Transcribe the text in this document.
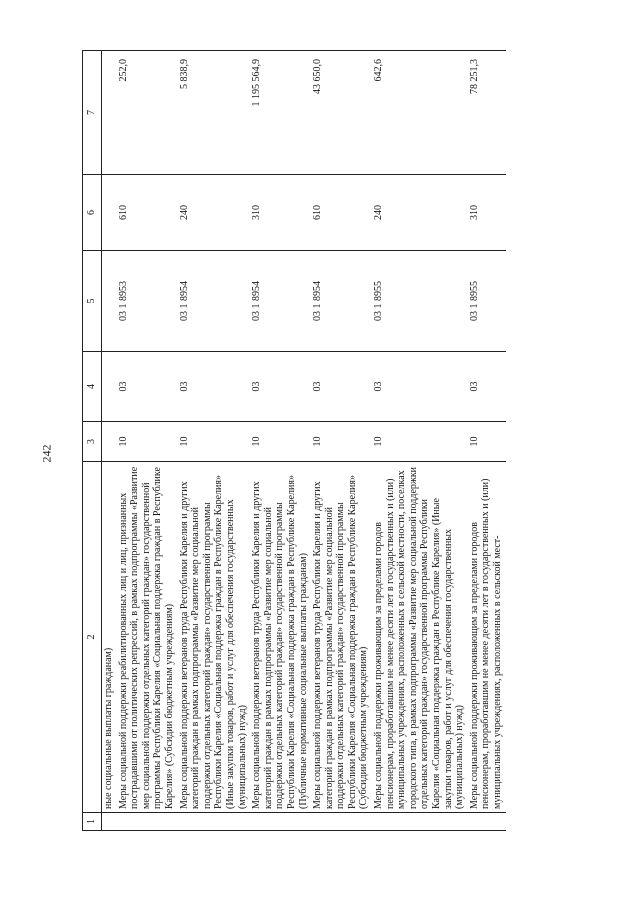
242
1	2	3	4	5	6	7
	ные социальные выплаты гражданам)					
	Меры социальной поддержки реабилитированных лиц и лиц, признанных пострадавшими от политических репрессий, в рамках подпрограммы «Развитие мер социальной поддержки отдельных категорий граждан» государственной программы Республики Карелия «Социальная поддержка граждан в Республике Карелия» (Субсидии бюджетным учреждениям)	10	03	03 1 8953	610	252,0
	Меры социальной поддержки ветеранов труда Республики Карелия и других категорий граждан в рамках подпрограммы «Развитие мер социальной поддержки отдельных категорий граждан» государственной программы Республики Карелия «Социальная поддержка граждан в Республике Карелия» (Иные закупки товаров, работ и услуг для обеспечения государственных (муниципальных) нужд)	10	03	03 1 8954	240	5 838,9
	Меры социальной поддержки ветеранов труда Республики Карелия и других категорий граждан в рамках подпрограммы «Развитие мер социальной поддержки отдельных категорий граждан» государственной программы Республики Карелия «Социальная поддержка граждан в Республике Карелия» (Публичные нормативные социальные выплаты гражданам)	10	03	03 1 8954	310	1 195 564,9
	Меры социальной поддержки ветеранов труда Республики Карелия и других категорий граждан в рамках подпрограммы «Развитие мер социальной поддержки отдельных категорий граждан» государственной программы Республики Карелия «Социальная поддержка граждан в Республике Карелия» (Субсидии бюджетным учреждениям)	10	03	03 1 8954	610	43 650,0
	Меры социальной поддержки проживающим за пределами городов пенсионерам, проработавшим не менее десяти лет в государственных и (или) муниципальных учреждениях, расположенных в сельской местности, поселках городского типа, в рамках подпрограммы «Развитие мер социальной поддержки отдельных категорий граждан» государственной программы Республики Карелия «Социальная поддержка граждан в Республике Карелия» (Иные закупки товаров, работ и услуг для обеспечения государственных (муниципальных) нужд)	10	03	03 1 8955	240	642,6
	Меры социальной поддержки проживающим за пределами городов пенсионерам, проработавшим не менее десяти лет в государственных и (или) муниципальных учреждениях, расположенных в сельской мест-	10	03	03 1 8955	310	78 251,3
